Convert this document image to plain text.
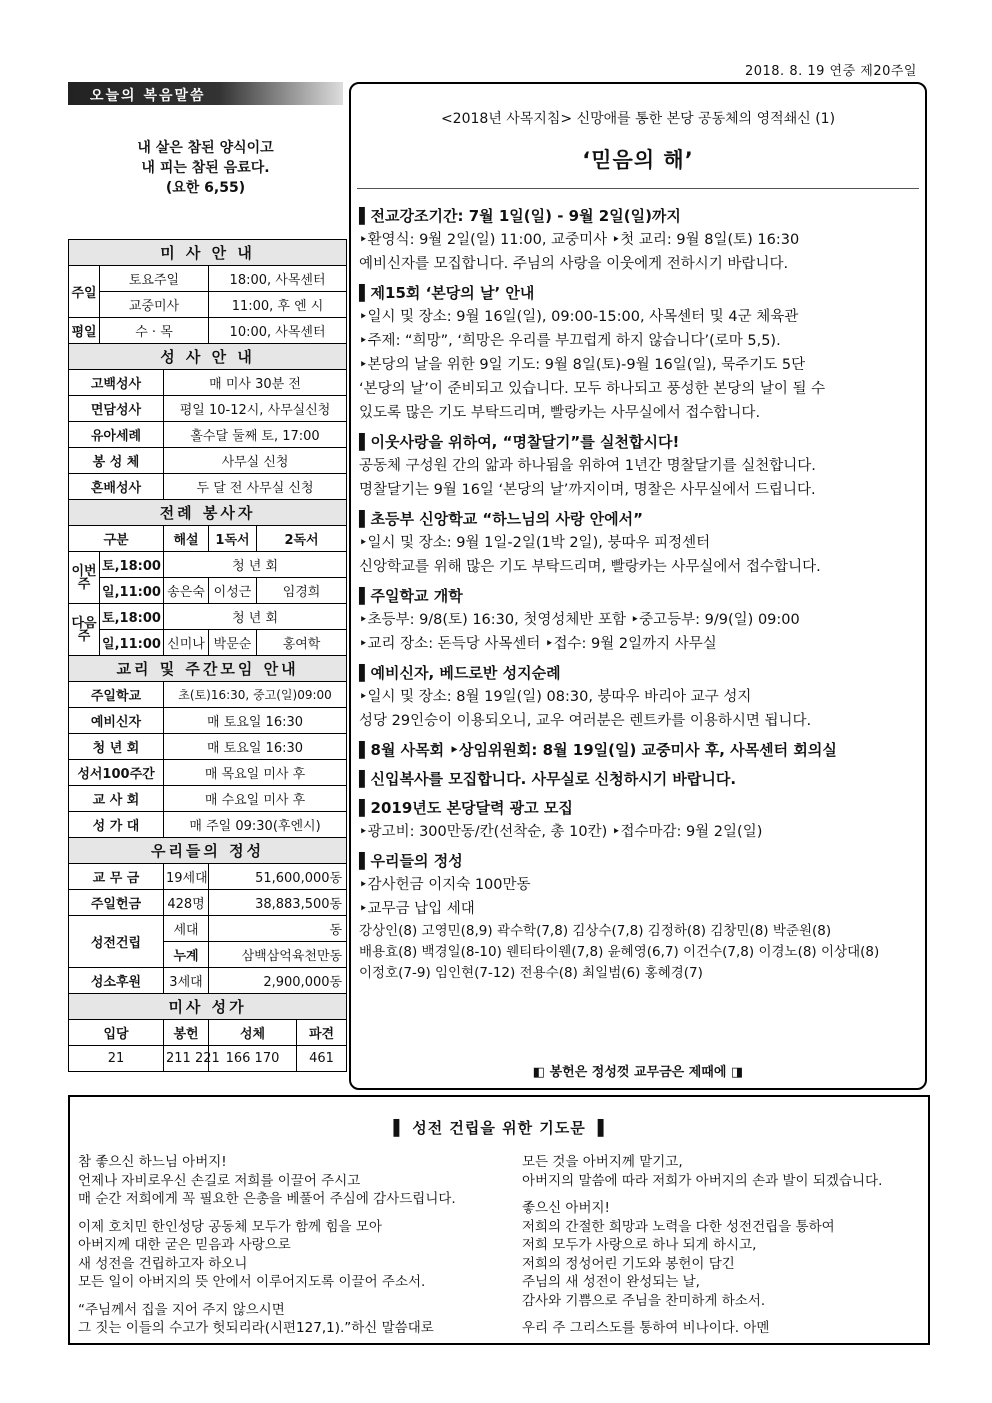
2018. 8. 19 연중 제20주일
오늘의 복음말씀
내 살은 참된 양식이고
내 피는 참된 음료다.
(요한 6,55)
미 사 안 내					
주일	토요주일		18:00, 사목센터		
	교중미사		11:00, 후 엔 시		
평일	수 · 목		10:00, 사목센터		
성 사 안 내					
고백성사		매 미사 30분 전			
면담성사		평일 10-12시, 사무실신청			
유아세례		홀수달 둘째 토, 17:00			
봉 성 체		사무실 신청			
혼배성사		두 달 전 사무실 신청			
전례 봉사자					
구분		해설	1독서	2독서	
이번주	토,18:00	청 년 회			
	일,11:00	송은숙	이성근	임경희	
다음주	토,18:00	청 년 회			
	일,11:00	신미나	박문순	홍여학	
교리 및 주간모임 안내					
주일학교		초(토)16:30, 중고(일)09:00			
예비신자		매 토요일 16:30			
청 년 회		매 토요일 16:30			
성서100주간		매 목요일 미사 후			
교 사 회		매 수요일 미사 후			
성 가 대		매 주일 09:30(후엔시)			
우리들의 정성					
교 무 금		19세대	51,600,000동		
주일헌금		428명	38,883,500동		
성전건립		세대	동		
		누계	삼백삼억육천만동		
성소후원		3세대	2,900,000동		
미사 성가					
입당		봉헌	성체		파견
21		211 221	166 170		461
<2018년 사목지침> 신망애를 통한 본당 공동체의 영적쇄신 (1)
‘믿음의 해’
▌전교강조기간: 7월 1일(일) - 9월 2일(일)까지
‣환영식: 9월 2일(일) 11:00, 교중미사 ‣첫 교리: 9월 8일(토) 16:30
예비신자를 모집합니다. 주님의 사랑을 이웃에게 전하시기 바랍니다.
▌제15회 ‘본당의 날’ 안내
‣일시 및 장소: 9월 16일(일), 09:00-15:00, 사목센터 및 4군 체육관
‣주제: “희망”, ‘희망은 우리를 부끄럽게 하지 않습니다’(로마 5,5).
‣본당의 날을 위한 9일 기도: 9월 8일(토)-9월 16일(일), 묵주기도 5단
‘본당의 날’이 준비되고 있습니다. 모두 하나되고 풍성한 본당의 날이 될 수
있도록 많은 기도 부탁드리며, 빨랑카는 사무실에서 접수합니다.
▌이웃사랑을 위하여, “명찰달기”를 실천합시다!
공동체 구성원 간의 앎과 하나됨을 위하여 1년간 명찰달기를 실천합니다.
명찰달기는 9월 16일 ‘본당의 날’까지이며, 명찰은 사무실에서 드립니다.
▌초등부 신앙학교 “하느님의 사랑 안에서”
‣일시 및 장소: 9월 1일-2일(1박 2일), 붕따우 피정센터
신앙학교를 위해 많은 기도 부탁드리며, 빨랑카는 사무실에서 접수합니다.
▌주일학교 개학
‣초등부: 9/8(토) 16:30, 첫영성체반 포함 ‣중고등부: 9/9(일) 09:00
‣교리 장소: 돈득당 사목센터 ‣접수: 9월 2일까지 사무실
▌예비신자, 베드로반 성지순례
‣일시 및 장소: 8월 19일(일) 08:30, 붕따우 바리아 교구 성지
성당 29인승이 이용되오니, 교우 여러분은 렌트카를 이용하시면 됩니다.
▌8월 사목회 ‣상임위원회: 8월 19일(일) 교중미사 후, 사목센터 회의실
▌신입복사를 모집합니다. 사무실로 신청하시기 바랍니다.
▌2019년도 본당달력 광고 모집
‣광고비: 300만동/칸(선착순, 총 10칸) ‣접수마감: 9월 2일(일)
▌우리들의 정성
‣감사헌금 이지숙 100만동
‣교무금 납입 세대
강상인(8) 고영민(8,9) 곽수학(7,8) 김상수(7,8) 김정하(8) 김창민(8) 박준원(8)
배용효(8) 백경일(8-10) 웬티타이웬(7,8) 윤혜영(6,7) 이건수(7,8) 이경노(8) 이상대(8)
이정호(7-9) 임인현(7-12) 전용수(8) 최일범(6) 홍혜경(7)
◧ 봉헌은 정성껏 교무금은 제때에 ◨
▌ 성전 건립을 위한 기도문 ▐
참 좋으신 하느님 아버지!
언제나 자비로우신 손길로 저희를 이끌어 주시고
매 순간 저희에게 꼭 필요한 은총을 베풀어 주심에 감사드립니다.
이제 호치민 한인성당 공동체 모두가 함께 힘을 모아
아버지께 대한 굳은 믿음과 사랑으로
새 성전을 건립하고자 하오니
모든 일이 아버지의 뜻 안에서 이루어지도록 이끌어 주소서.
“주님께서 집을 지어 주지 않으시면
그 짓는 이들의 수고가 헛되리라(시편127,1).”하신 말씀대로
모든 것을 아버지께 맡기고,
아버지의 말씀에 따라 저희가 아버지의 손과 발이 되겠습니다.
좋으신 아버지!
저희의 간절한 희망과 노력을 다한 성전건립을 통하여
저희 모두가 사랑으로 하나 되게 하시고,
저희의 정성어린 기도와 봉헌이 담긴
주님의 새 성전이 완성되는 날,
감사와 기쁨으로 주님을 찬미하게 하소서.
우리 주 그리스도를 통하여 비나이다. 아멘
